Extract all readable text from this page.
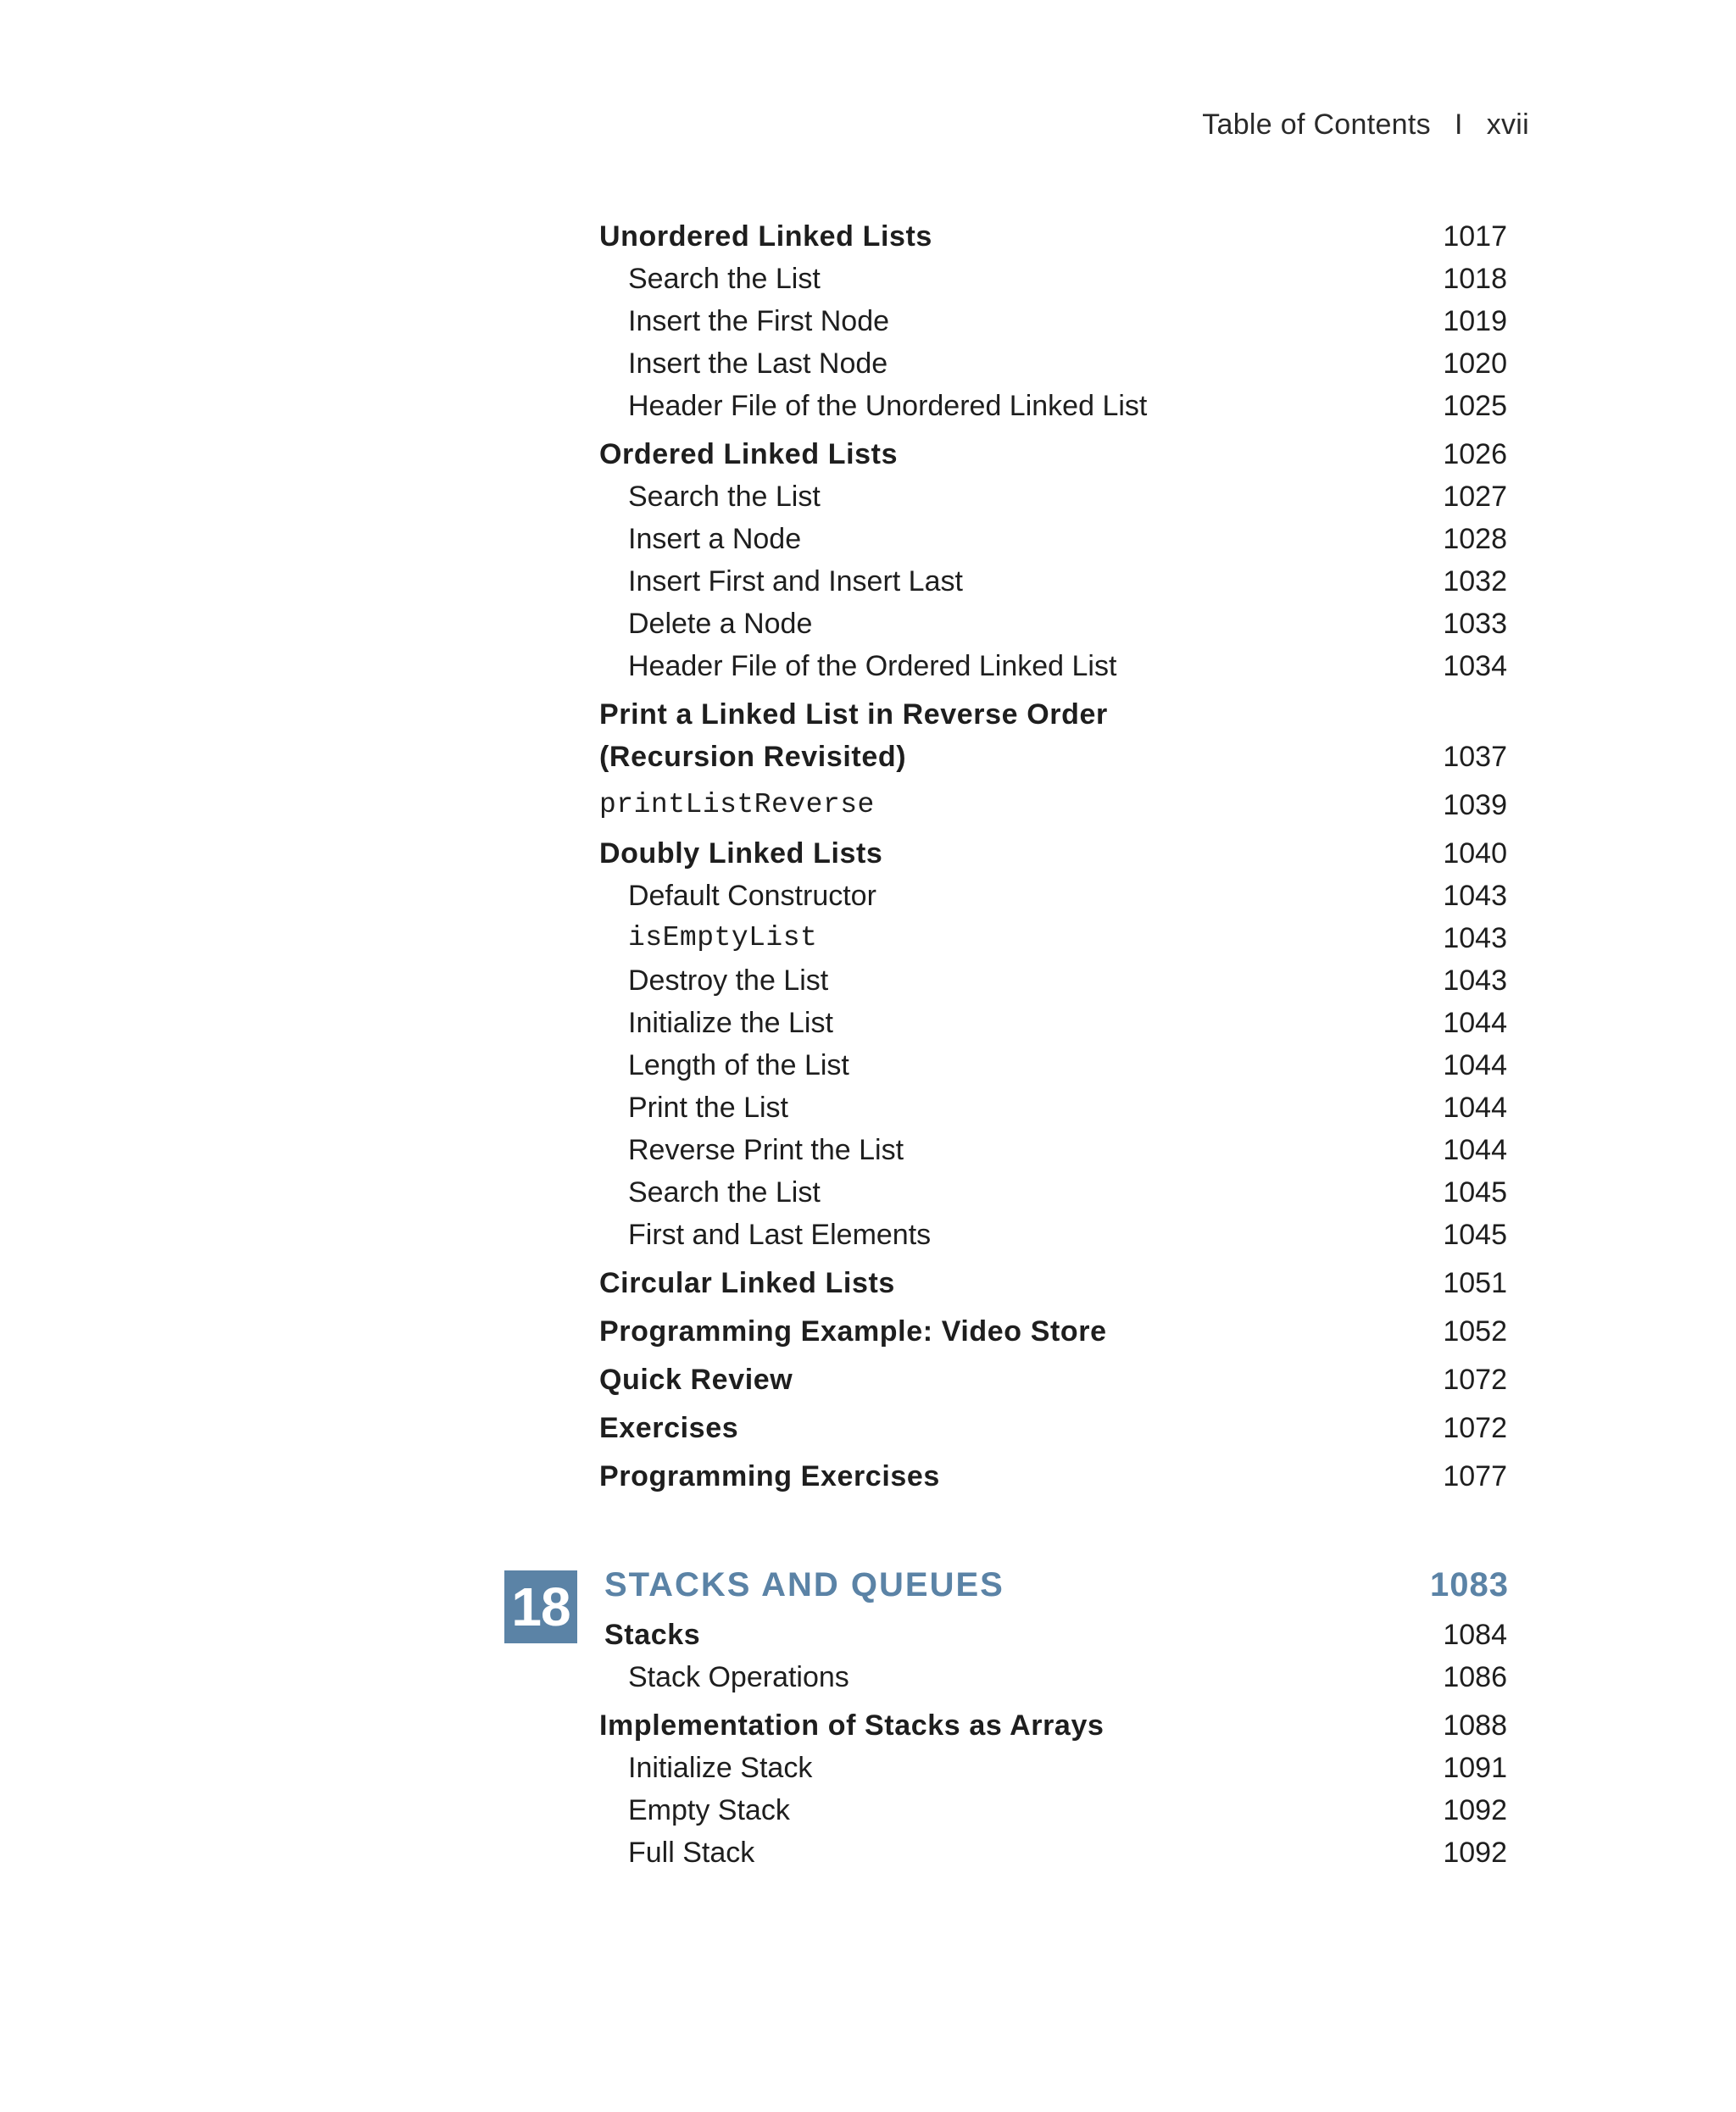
Table of Contents I xvii
Unordered Linked Lists	1017
Search the List	1018
Insert the First Node	1019
Insert the Last Node	1020
Header File of the Unordered Linked List	1025
Ordered Linked Lists	1026
Search the List	1027
Insert a Node	1028
Insert First and Insert Last	1032
Delete a Node	1033
Header File of the Ordered Linked List	1034
Print a Linked List in Reverse Order
(Recursion Revisited)	1037
printListReverse	1039
Doubly Linked Lists	1040
Default Constructor	1043
isEmptyList	1043
Destroy the List	1043
Initialize the List	1044
Length of the List	1044
Print the List	1044
Reverse Print the List	1044
Search the List	1045
First and Last Elements	1045
Circular Linked Lists	1051
Programming Example: Video Store	1052
Quick Review	1072
Exercises	1072
Programming Exercises	1077
18 STACKS AND QUEUES	1083
Stacks	1084
Stack Operations	1086
Implementation of Stacks as Arrays	1088
Initialize Stack	1091
Empty Stack	1092
Full Stack	1092
